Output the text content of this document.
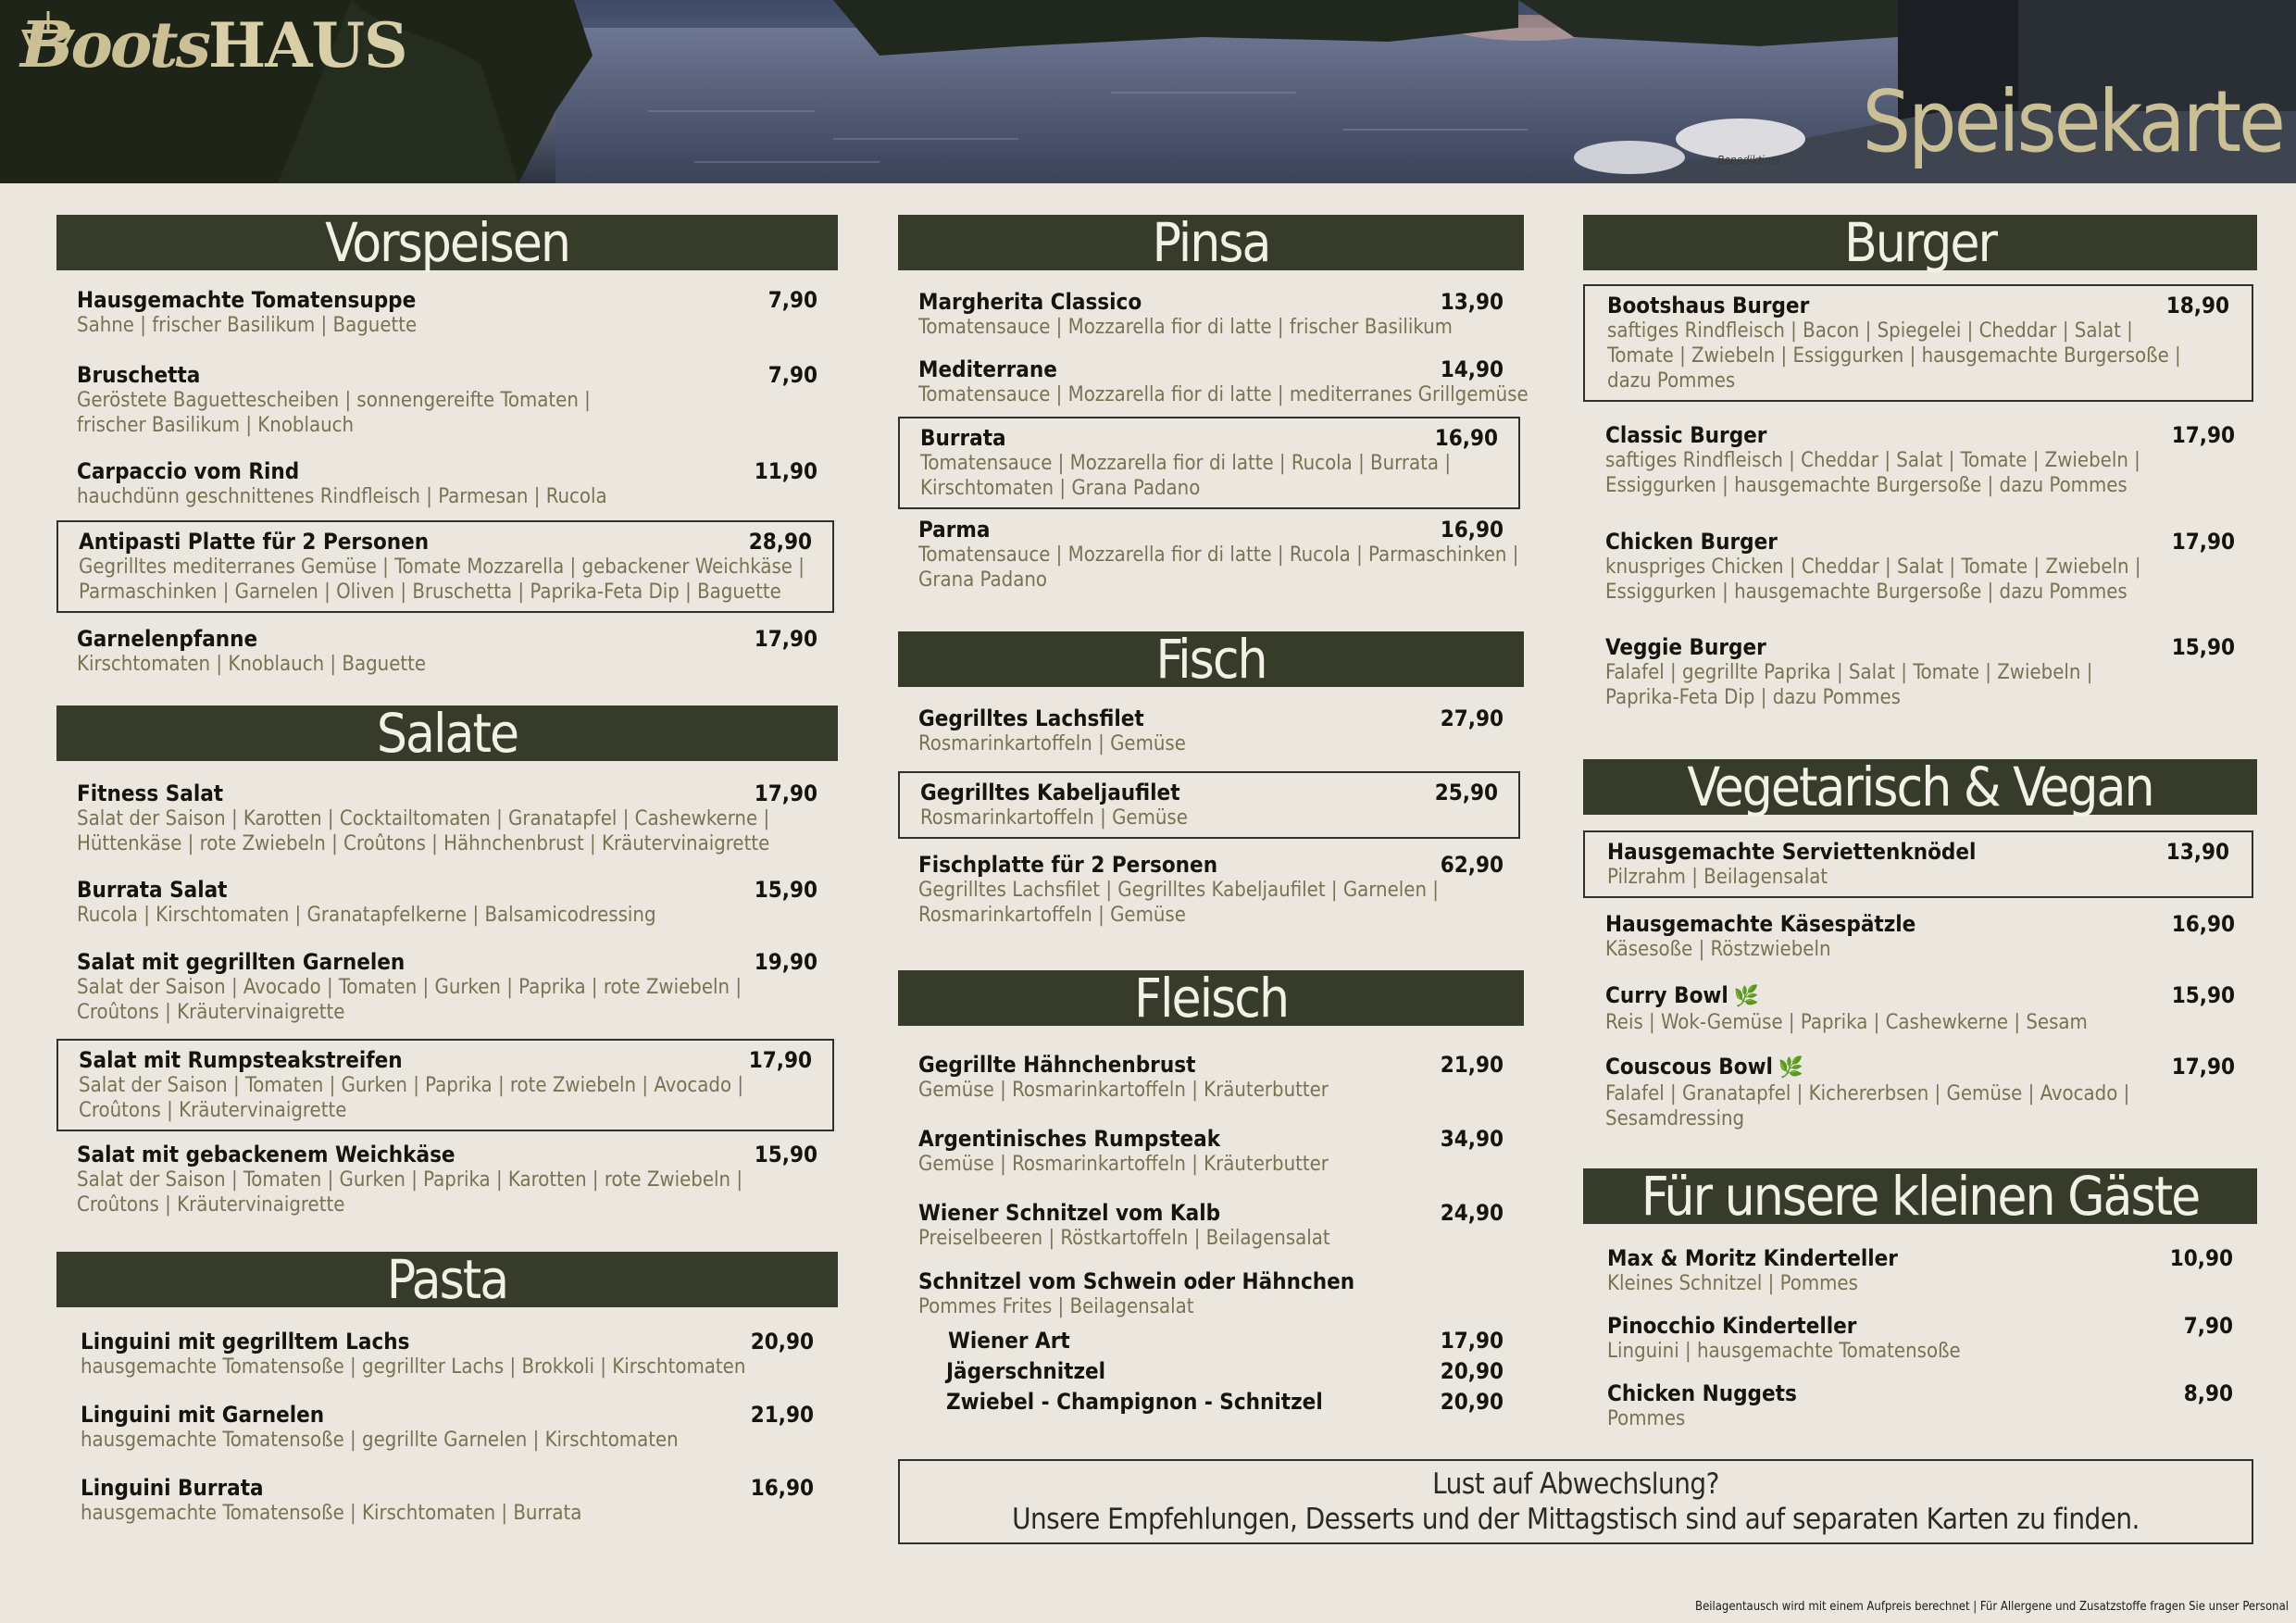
Boots HAUS
Speisekarte
Benediktiner
Vorspeisen
Hausgemachte Tomatensuppe
Sahne | frischer Basilikum | Baguette
7,90
Bruschetta
Geröstete Baguettescheiben | sonnengereifte Tomaten |
frischer Basilikum | Knoblauch
7,90
Carpaccio vom Rind
hauchdünn geschnittenes Rindfleisch | Parmesan | Rucola
11,90
Antipasti Platte für 2 Personen
Gegrilltes mediterranes Gemüse | Tomate Mozzarella | gebackener Weichkäse |
Parmaschinken | Garnelen | Oliven | Bruschetta | Paprika-Feta Dip | Baguette
28,90
Garnelenpfanne
Kirschtomaten | Knoblauch | Baguette
17,90
Salate
Fitness Salat
Salat der Saison | Karotten | Cocktailtomaten | Granatapfel | Cashewkerne |
Hüttenkäse | rote Zwiebeln | Croûtons | Hähnchenbrust | Kräutervinaigrette
17,90
Burrata Salat
Rucola | Kirschtomaten | Granatapfelkerne | Balsamicodressing
15,90
Salat mit gegrillten Garnelen
Salat der Saison | Avocado | Tomaten | Gurken | Paprika | rote Zwiebeln |
Croûtons | Kräutervinaigrette
19,90
Salat mit Rumpsteakstreifen
Salat der Saison | Tomaten | Gurken | Paprika | rote Zwiebeln | Avocado |
Croûtons | Kräutervinaigrette
17,90
Salat mit gebackenem Weichkäse
Salat der Saison | Tomaten | Gurken | Paprika | Karotten | rote Zwiebeln |
Croûtons | Kräutervinaigrette
15,90
Pasta
Linguini mit gegrilltem Lachs
hausgemachte Tomatensoße | gegrillter Lachs | Brokkoli | Kirschtomaten
20,90
Linguini mit Garnelen
hausgemachte Tomatensoße | gegrillte Garnelen | Kirschtomaten
21,90
Linguini Burrata
hausgemachte Tomatensoße | Kirschtomaten | Burrata
16,90
Pinsa
Margherita Classico
Tomatensauce | Mozzarella fior di latte | frischer Basilikum
13,90
Mediterrane
Tomatensauce | Mozzarella fior di latte | mediterranes Grillgemüse
14,90
Burrata
Tomatensauce | Mozzarella fior di latte | Rucola | Burrata |
Kirschtomaten | Grana Padano
16,90
Parma
Tomatensauce | Mozzarella fior di latte | Rucola | Parmaschinken |
Grana Padano
16,90
Fisch
Gegrilltes Lachsfilet
Rosmarinkartoffeln | Gemüse
27,90
Gegrilltes Kabeljaufilet
Rosmarinkartoffeln | Gemüse
25,90
Fischplatte für 2 Personen
Gegrilltes Lachsfilet | Gegrilltes Kabeljaufilet | Garnelen |
Rosmarinkartoffeln | Gemüse
62,90
Fleisch
Gegrillte Hähnchenbrust
Gemüse | Rosmarinkartoffeln | Kräuterbutter
21,90
Argentinisches Rumpsteak
Gemüse | Rosmarinkartoffeln | Kräuterbutter
34,90
Wiener Schnitzel vom Kalb
Preiselbeeren | Röstkartoffeln | Beilagensalat
24,90
Schnitzel vom Schwein oder Hähnchen
Pommes Frites | Beilagensalat
Wiener Art	17,90
Jägerschnitzel	20,90
Zwiebel - Champignon - Schnitzel	20,90
Burger
Bootshaus Burger
saftiges Rindfleisch | Bacon | Spiegelei | Cheddar | Salat |
Tomate | Zwiebeln | Essiggurken | hausgemachte Burgersoße |
dazu Pommes
18,90
Classic Burger
saftiges Rindfleisch | Cheddar | Salat | Tomate | Zwiebeln |
Essiggurken | hausgemachte Burgersoße | dazu Pommes
17,90
Chicken Burger
knuspriges Chicken | Cheddar | Salat | Tomate | Zwiebeln |
Essiggurken | hausgemachte Burgersoße | dazu Pommes
17,90
Veggie Burger
Falafel | gegrillte Paprika | Salat | Tomate | Zwiebeln |
Paprika-Feta Dip | dazu Pommes
15,90
Vegetarisch & Vegan
Hausgemachte Serviettenknödel
Pilzrahm | Beilagensalat
13,90
Hausgemachte Käsespätzle
Käsesoße | Röstzwiebeln
16,90
Curry Bowl 🌿
Reis | Wok-Gemüse | Paprika | Cashewkerne | Sesam
15,90
Couscous Bowl 🌿
Falafel | Granatapfel | Kichererbsen | Gemüse | Avocado |
Sesamdressing
17,90
Für unsere kleinen Gäste
Max & Moritz Kinderteller
Kleines Schnitzel | Pommes
10,90
Pinocchio Kinderteller
Linguini | hausgemachte Tomatensoße
7,90
Chicken Nuggets
Pommes
8,90
Lust auf Abwechslung?
Unsere Empfehlungen, Desserts und der Mittagstisch sind auf separaten Karten zu finden.
Beilagentausch wird mit einem Aufpreis berechnet | Für Allergene und Zusatzstoffe fragen Sie unser Personal
